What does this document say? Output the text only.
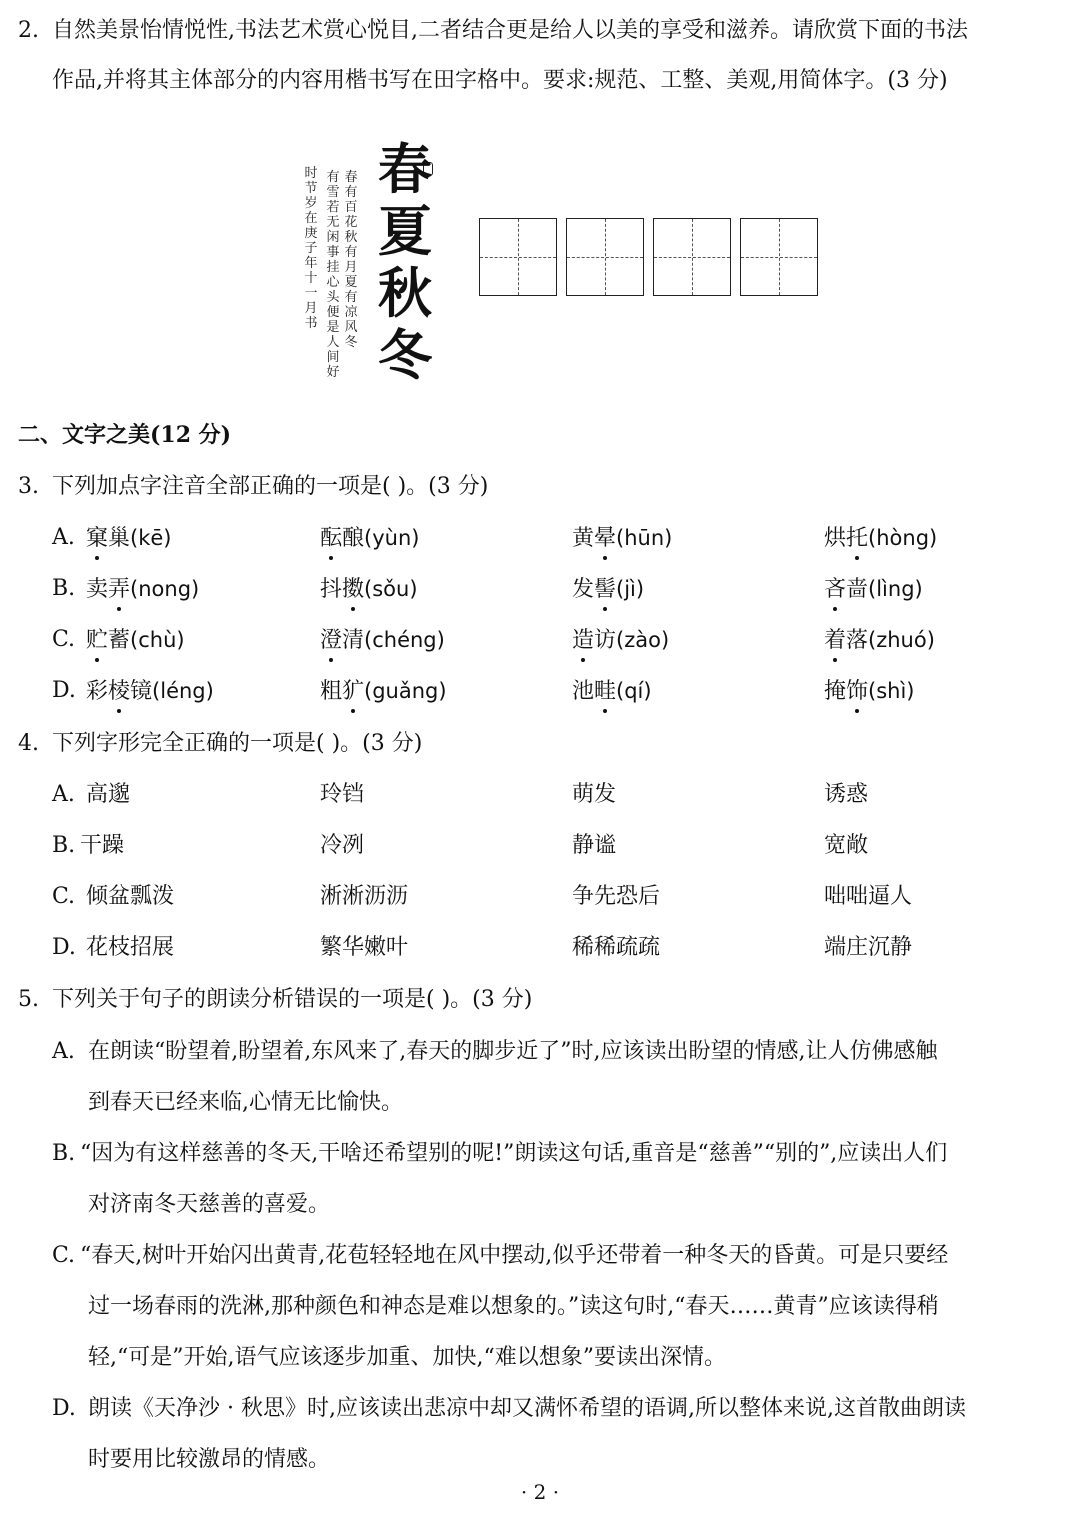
2. 自然美景怡情悦性,书法艺术赏心悦目,二者结合更是给人以美的享受和滋养。请欣赏下面的书法
作品,并将其主体部分的内容用楷书写在田字格中。要求:规范、工整、美观,用简体字。(3 分)
春有百花秋有月夏有凉风冬
有雪若无闲事挂心头便是人间好
时节 岁在庚子年十一月 书
春
夏
秋
冬
二、文字之美(12 分)
3. 下列加点字注音全部正确的一项是( )。(3 分)
A. 窠巢(kē)	酝酿(yùn)	黄晕(hūn)	烘托(hòng)
B. 卖弄(nong)	抖擞(sǒu)	发髻(jì)	吝啬(lìng)
C. 贮蓄(chù)	澄清(chéng)	造访(zào)	着落(zhuó)
D. 彩棱镜(léng)	粗犷(guǎng)	池畦(qí)	掩饰(shì)
4. 下列字形完全正确的一项是( )。(3 分)
A. 高邈	玲铛	萌发	诱惑
B. 干躁	冷冽	静谧	宽敞
C. 倾盆瓢泼	淅淅沥沥	争先恐后	咄咄逼人
D. 花枝招展	繁华嫩叶	稀稀疏疏	端庄沉静
5. 下列关于句子的朗读分析错误的一项是( )。(3 分)
A. 在朗读“盼望着,盼望着,东风来了,春天的脚步近了”时,应该读出盼望的情感,让人仿佛感触
到春天已经来临,心情无比愉快。
B. “因为有这样慈善的冬天,干啥还希望别的呢!”朗读这句话,重音是“慈善”“别的”,应读出人们
对济南冬天慈善的喜爱。
C. “春天,树叶开始闪出黄青,花苞轻轻地在风中摆动,似乎还带着一种冬天的昏黄。可是只要经
过一场春雨的洗淋,那种颜色和神态是难以想象的。”读这句时,“春天……黄青”应该读得稍
轻,“可是”开始,语气应该逐步加重、加快,“难以想象”要读出深情。
D. 朗读《天净沙 · 秋思》时,应该读出悲凉中却又满怀希望的语调,所以整体来说,这首散曲朗读
时要用比较激昂的情感。
· 2 ·
